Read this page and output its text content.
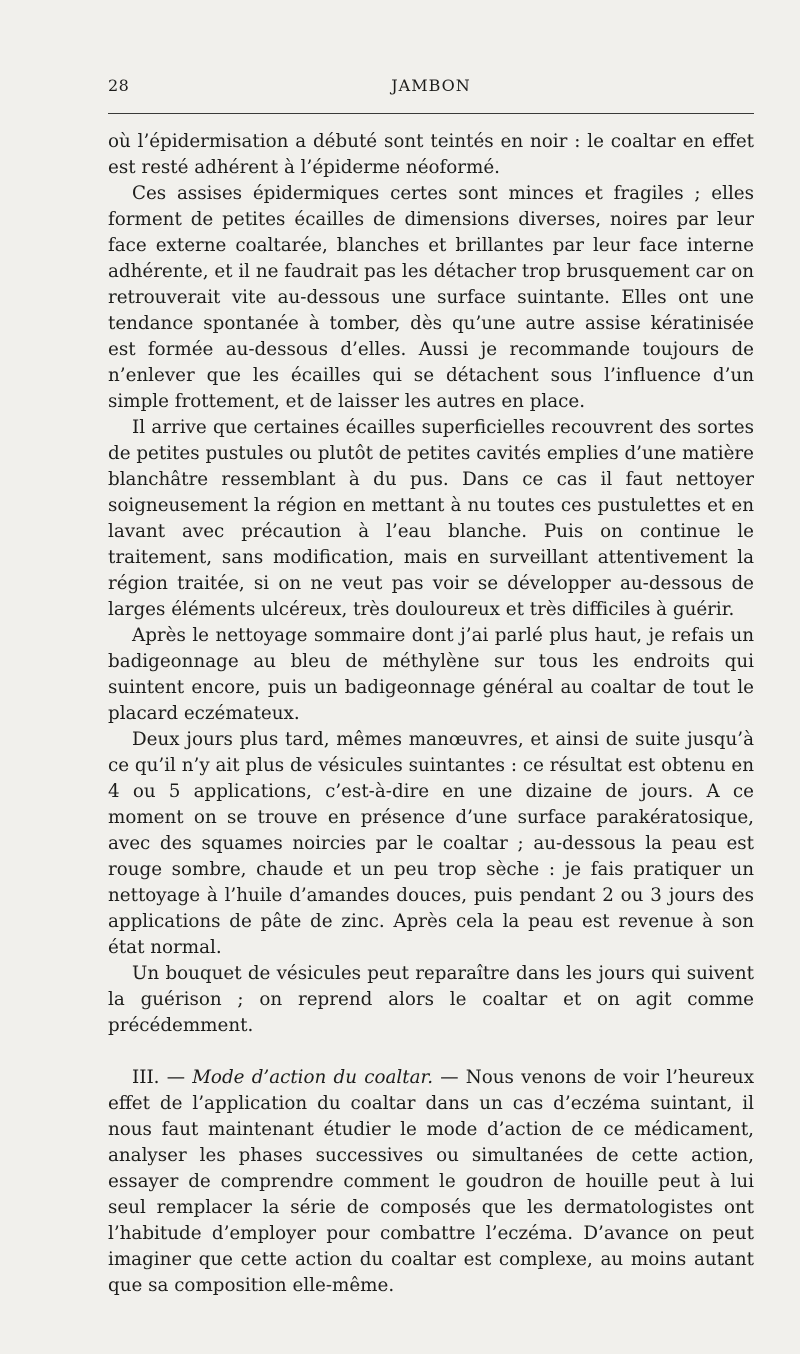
28	JAMBON

où l’épidermisation a débuté sont teintés en noir : le coaltar en effet est resté adhérent à l’épiderme néoformé.

Ces assises épidermiques certes sont minces et fragiles ; elles forment de petites écailles de dimensions diverses, noires par leur face externe coaltarée, blanches et brillantes par leur face interne adhérente, et il ne faudrait pas les détacher trop brusquement car on retrouverait vite au-dessous une surface suintante. Elles ont une tendance spontanée à tomber, dès qu’une autre assise kératinisée est formée au-dessous d’elles. Aussi je recommande toujours de n’enlever que les écailles qui se détachent sous l’influence d’un simple frottement, et de laisser les autres en place.

Il arrive que certaines écailles superficielles recouvrent des sortes de petites pustules ou plutôt de petites cavités emplies d’une matière blanchâtre ressemblant à du pus. Dans ce cas il faut nettoyer soigneusement la région en mettant à nu toutes ces pustulettes et en lavant avec précaution à l’eau blanche. Puis on continue le traitement, sans modification, mais en surveillant attentivement la région traitée, si on ne veut pas voir se développer au-dessous de larges éléments ulcéreux, très douloureux et très difficiles à guérir.

Après le nettoyage sommaire dont j’ai parlé plus haut, je refais un badigeonnage au bleu de méthylène sur tous les endroits qui suintent encore, puis un badigeonnage général au coaltar de tout le placard eczémateux.

Deux jours plus tard, mêmes manœuvres, et ainsi de suite jusqu’à ce qu’il n’y ait plus de vésicules suintantes : ce résultat est obtenu en 4 ou 5 applications, c’est-à-dire en une dizaine de jours. A ce moment on se trouve en présence d’une surface parakératosique, avec des squames noircies par le coaltar ; au-dessous la peau est rouge sombre, chaude et un peu trop sèche : je fais pratiquer un nettoyage à l’huile d’amandes douces, puis pendant 2 ou 3 jours des applications de pâte de zinc. Après cela la peau est revenue à son état normal.

Un bouquet de vésicules peut reparaître dans les jours qui suivent la guérison ; on reprend alors le coaltar et on agit comme précédemment.

III. — Mode d’action du coaltar. — Nous venons de voir l’heureux effet de l’application du coaltar dans un cas d’eczéma suintant, il nous faut maintenant étudier le mode d’action de ce médicament, analyser les phases successives ou simultanées de cette action, essayer de comprendre comment le goudron de houille peut à lui seul remplacer la série de composés que les dermatologistes ont l’habitude d’employer pour combattre l’eczéma. D’avance on peut imaginer que cette action du coaltar est complexe, au moins autant que sa composition elle-même.
